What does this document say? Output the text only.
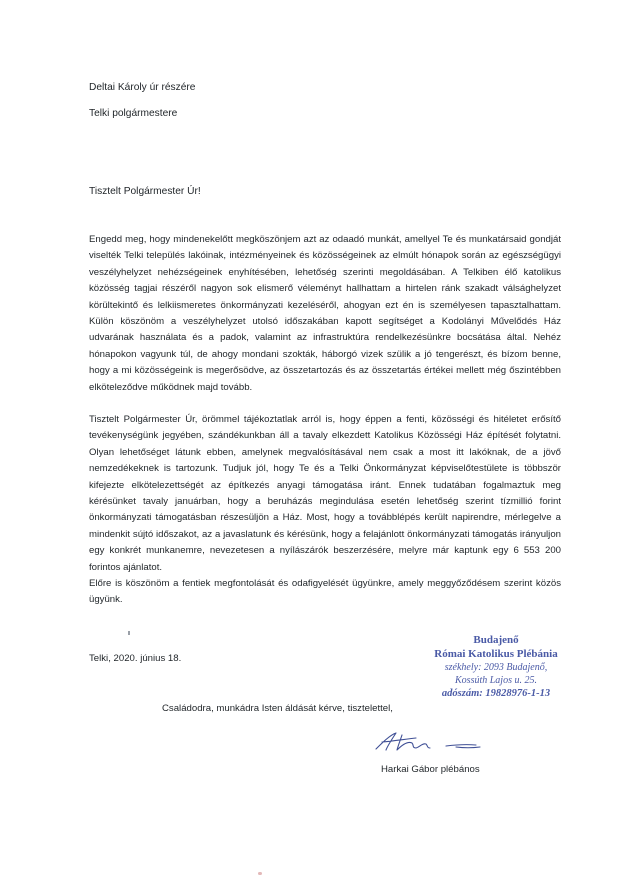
Deltai Károly úr részére
Telki polgármestere
Tisztelt Polgármester Úr!

Engedd meg, hogy mindenekelőtt megköszönjem azt az odaadó munkát, amellyel Te és munkatársaid gondját viselték Telki település lakóinak, intézményeinek és közösségeinek az elmúlt hónapok során az egészségügyi veszélyhelyzet nehézségeinek enyhítésében, lehetőség szerinti megoldásában. A Telkiben élő katolikus közösség tagjai részéről nagyon sok elismerő véleményt hallhattam a hirtelen ránk szakadt válsághelyzet körültekintő és lelkiismeretes önkormányzati kezeléséről, ahogyan ezt én is személyesen tapasztalhattam. Külön köszönöm a veszélyhelyzet utolsó időszakában kapott segítséget a Kodolányi Művelődés Ház udvarának használata és a padok, valamint az infrastruktúra rendelkezésünkre bocsátása által. Nehéz hónapokon vagyunk túl, de ahogy mondani szokták, háborgó vizek szülik a jó tengerészt, és bízom benne, hogy a mi közösségeink is megerősödve, az összetartozás és az összetartás értékei mellett még őszintébben elköteleződve működnek majd tovább.

Tisztelt Polgármester Úr, örömmel tájékoztatlak arról is, hogy éppen a fenti, közösségi és hitéletet erősítő tevékenységünk jegyében, szándékunkban áll a tavaly elkezdett Katolikus Közösségi Ház építését folytatni. Olyan lehetőséget látunk ebben, amelynek megvalósításával nem csak a most itt lakóknak, de a jövő nemzedékeknek is tartozunk. Tudjuk jól, hogy Te és a Telki Önkormányzat képviselőtestülete is többször kifejezte elkötelezettségét az építkezés anyagi támogatása iránt. Ennek tudatában fogalmaztuk meg kérésünket tavaly januárban, hogy a beruházás megindulása esetén lehetőség szerint tízmillió forint önkormányzati támogatásban részesüljön a Ház. Most, hogy a továbblépés került napirendre, mérlegelve a mindenkit sújtó időszakot, az a javaslatunk és kérésünk, hogy a felajánlott önkormányzati támogatás irányuljon egy konkrét munkanemre, nevezetesen a nyílászárók beszerzésére, melyre már kaptunk egy 6 553 200 forintos ajánlatot.

Előre is köszönöm a fentiek megfontolását és odafigyelését ügyünkre, amely meggyőződésem szerint közös ügyünk.

Telki, 2020. június 18.
Budajenő
Római Katolikus Plébánia
székhely: 2093 Budajenő,
Kossúth Lajos u. 25.
adószám: 19828976-1-13
Családodra, munkádra Isten áldását kérve, tisztelettel,
Harkai Gábor plébános
